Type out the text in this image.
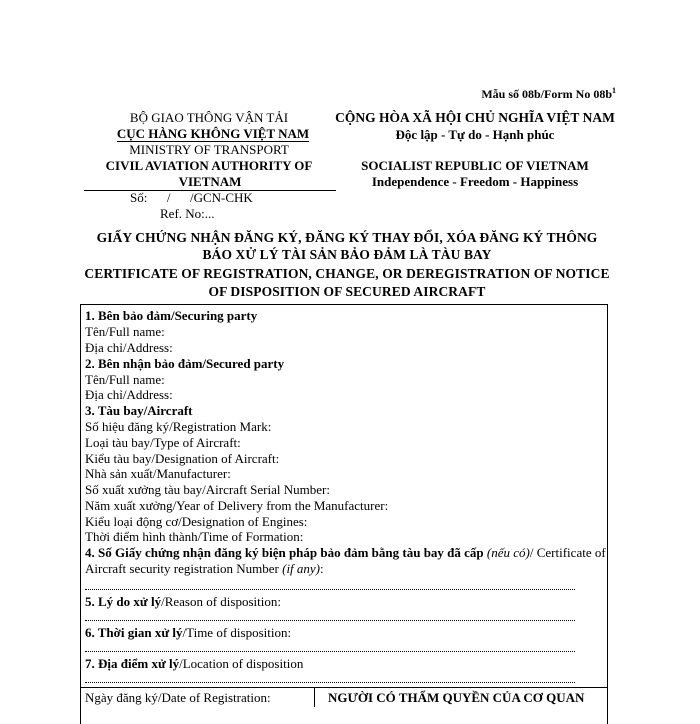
Mẫu số 08b/Form No $08b^1$
BỘ GIAO THÔNG VẬN TẢI
CỤC HÀNG KHÔNG VIỆT NAM
MINISTRY OF TRANSPORT
CIVIL AVIATION AUTHORITY OF
VIETNAM
Số:      /      /GCN-CHK
Ref. No:...
CỘNG HÒA XÃ HỘI CHỦ NGHĨA VIỆT NAM
Độc lập - Tự do - Hạnh phúc
SOCIALIST REPUBLIC OF VIETNAM
Independence - Freedom - Happiness
GIẤY CHỨNG NHẬN ĐĂNG KÝ, ĐĂNG KÝ THAY ĐỔI, XÓA ĐĂNG KÝ THÔNG
BÁO XỬ LÝ TÀI SẢN BẢO ĐẢM LÀ TÀU BAY
CERTIFICATE OF REGISTRATION, CHANGE, OR DEREGISTRATION OF NOTICE
OF DISPOSITION OF SECURED AIRCRAFT
1. Bên bảo đảm/Securing party
Tên/Full name:
Địa chỉ/Address:
2. Bên nhận bảo đảm/Secured party
Tên/Full name:
Địa chỉ/Address:
3. Tàu bay/Aircraft
Số hiệu đăng ký/Registration Mark:
Loại tàu bay/Type of Aircraft:
Kiểu tàu bay/Designation of Aircraft:
Nhà sản xuất/Manufacturer:
Số xuất xưởng tàu bay/Aircraft Serial Number:
Năm xuất xưởng/Year of Delivery from the Manufacturer:
Kiểu loại động cơ/Designation of Engines:
Thời điểm hình thành/Time of Formation:
4. Số Giấy chứng nhận đăng ký biện pháp bảo đảm bằng tàu bay đã cấp (nếu có)/ Certificate of
Aircraft security registration Number (if any):
5. Lý do xử lý/Reason of disposition:
6. Thời gian xử lý/Time of disposition:
7. Địa điểm xử lý/Location of disposition
Ngày đăng ký/Date of Registration:	NGƯỜI CÓ THẨM QUYỀN CỦA CƠ QUAN
